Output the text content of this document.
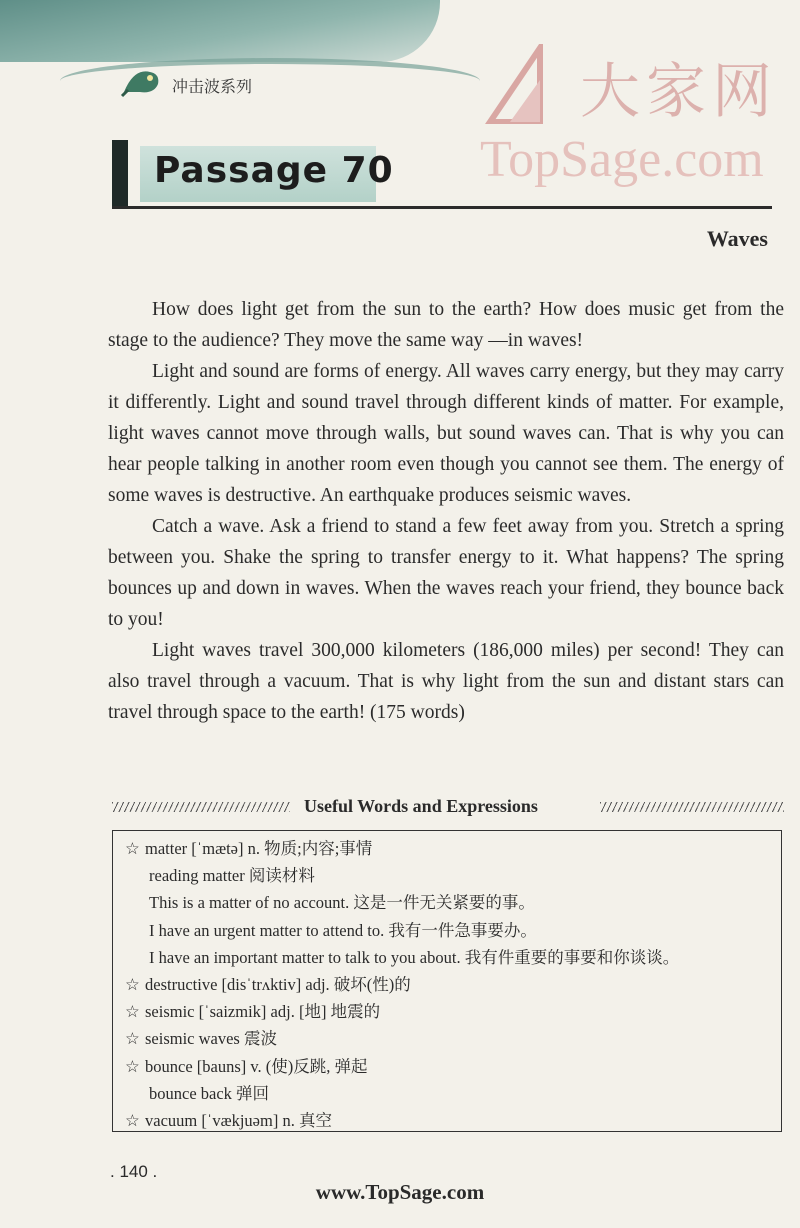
冲击波系列	大家网
TopSage.com
Passage 70
Waves

How does light get from the sun to the earth? How does music get from the stage to the audience? They move the same way —in waves!

Light and sound are forms of energy. All waves carry energy, but they may carry it differently. Light and sound travel through different kinds of matter. For example, light waves cannot move through walls, but sound waves can. That is why you can hear people talking in another room even though you cannot see them. The energy of some waves is destructive. An earthquake produces seismic waves.

Catch a wave. Ask a friend to stand a few feet away from you. Stretch a spring between you. Shake the spring to transfer energy to it. What happens? The spring bounces up and down in waves. When the waves reach your friend, they bounce back to you!

Light waves travel 300,000 kilometers (186,000 miles) per second! They can also travel through a vacuum. That is why light from the sun and distant stars can travel through space to the earth! (175 words)

Useful Words and Expressions
☆ matter [ˈmætə] n. 物质;内容;事情
reading matter 阅读材料
This is a matter of no account. 这是一件无关紧要的事。
I have an urgent matter to attend to. 我有一件急事要办。
I have an important matter to talk to you about. 我有件重要的事要和你谈谈。
☆ destructive [disˈtrʌktiv] adj. 破坏(性)的
☆ seismic [ˈsaizmik] adj. [地] 地震的
☆ seismic waves 震波
☆ bounce [bauns] v. (使)反跳, 弹起
bounce back 弹回
☆ vacuum [ˈvækjuəm] n. 真空
. 140 .
www.TopSage.com
